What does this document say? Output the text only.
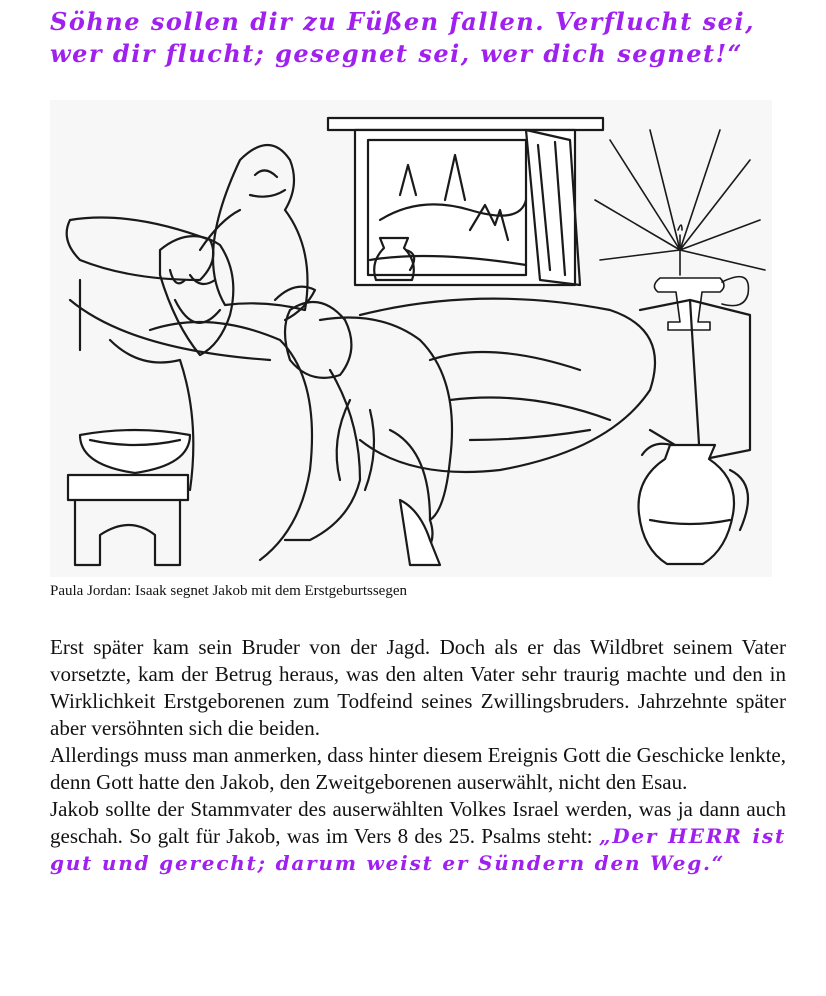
Söhne sollen dir zu Füßen fallen. Verflucht sei, wer dir flucht; gesegnet sei, wer dich segnet!“

Paula Jordan: Isaak segnet Jakob mit dem Erstgeburtssegen

Erst später kam sein Bruder von der Jagd. Doch als er das Wildbret seinem Vater vorsetzte, kam der Betrug heraus, was den alten Vater sehr traurig machte und den in Wirklichkeit Erstgeborenen zum Todfeind seines Zwillingsbruders. Jahrzehnte später aber versöhnten sich die beiden.

Allerdings muss man anmerken, dass hinter diesem Ereignis Gott die Geschicke lenkte, denn Gott hatte den Jakob, den Zweitgeborenen auserwählt, nicht den Esau.

Jakob sollte der Stammvater des auserwählten Volkes Israel werden, was ja dann auch geschah. So galt für Jakob, was im Vers 8 des 25. Psalms steht: „Der HERR ist gut und gerecht; darum weist er Sündern den Weg.“
